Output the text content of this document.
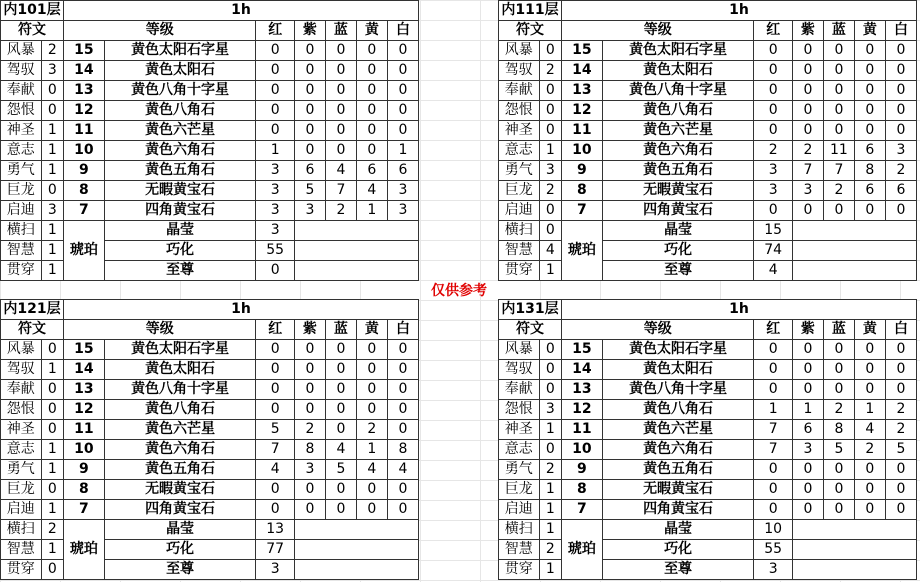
内101层		1h						
符文		等级		红	紫	蓝	黄	白
风暴	2	15	黄色太阳石字星	0	0	0	0	0
驾驭	3	14	黄色太阳石	0	0	0	0	0
奉献	0	13	黄色八角十字星	0	0	0	0	0
怨恨	0	12	黄色八角石	0	0	0	0	0
神圣	1	11	黄色六芒星	0	0	0	0	0
意志	1	10	黄色六角石	1	0	0	0	1
勇气	1	9	黄色五角石	3	6	4	6	6
巨龙	0	8	无暇黄宝石	3	5	7	4	3
启迪	3	7	四角黄宝石	3	3	2	1	3
横扫	1	琥珀	晶莹	3				
智慧	1		巧化	55				
贯穿	1		至尊	0				
内111层		1h						
符文		等级		红	紫	蓝	黄	白
风暴	0	15	黄色太阳石字星	0	0	0	0	0
驾驭	2	14	黄色太阳石	0	0	0	0	0
奉献	0	13	黄色八角十字星	0	0	0	0	0
怨恨	0	12	黄色八角石	0	0	0	0	0
神圣	0	11	黄色六芒星	0	0	0	0	0
意志	1	10	黄色六角石	2	2	11	6	3
勇气	3	9	黄色五角石	3	7	7	8	2
巨龙	2	8	无暇黄宝石	3	3	2	6	6
启迪	0	7	四角黄宝石	0	0	0	0	0
横扫	0	琥珀	晶莹	15				
智慧	4		巧化	74				
贯穿	1		至尊	4				
内121层		1h						
符文		等级		红	紫	蓝	黄	白
风暴	0	15	黄色太阳石字星	0	0	0	0	0
驾驭	1	14	黄色太阳石	0	0	0	0	0
奉献	0	13	黄色八角十字星	0	0	0	0	0
怨恨	0	12	黄色八角石	0	0	0	0	0
神圣	0	11	黄色六芒星	5	2	0	2	0
意志	1	10	黄色六角石	7	8	4	1	8
勇气	1	9	黄色五角石	4	3	5	4	4
巨龙	0	8	无暇黄宝石	0	0	0	0	0
启迪	1	7	四角黄宝石	0	0	0	0	0
横扫	2	琥珀	晶莹	13				
智慧	1		巧化	77				
贯穿	0		至尊	3				
内131层		1h						
符文		等级		红	紫	蓝	黄	白
风暴	0	15	黄色太阳石字星	0	0	0	0	0
驾驭	0	14	黄色太阳石	0	0	0	0	0
奉献	0	13	黄色八角十字星	0	0	0	0	0
怨恨	3	12	黄色八角石	1	1	2	1	2
神圣	1	11	黄色六芒星	7	6	8	4	2
意志	0	10	黄色六角石	7	3	5	2	5
勇气	2	9	黄色五角石	0	0	0	0	0
巨龙	1	8	无暇黄宝石	0	0	0	0	0
启迪	1	7	四角黄宝石	0	0	0	0	0
横扫	1	琥珀	晶莹	10				
智慧	2		巧化	55				
贯穿	1		至尊	3				
仅供参考
